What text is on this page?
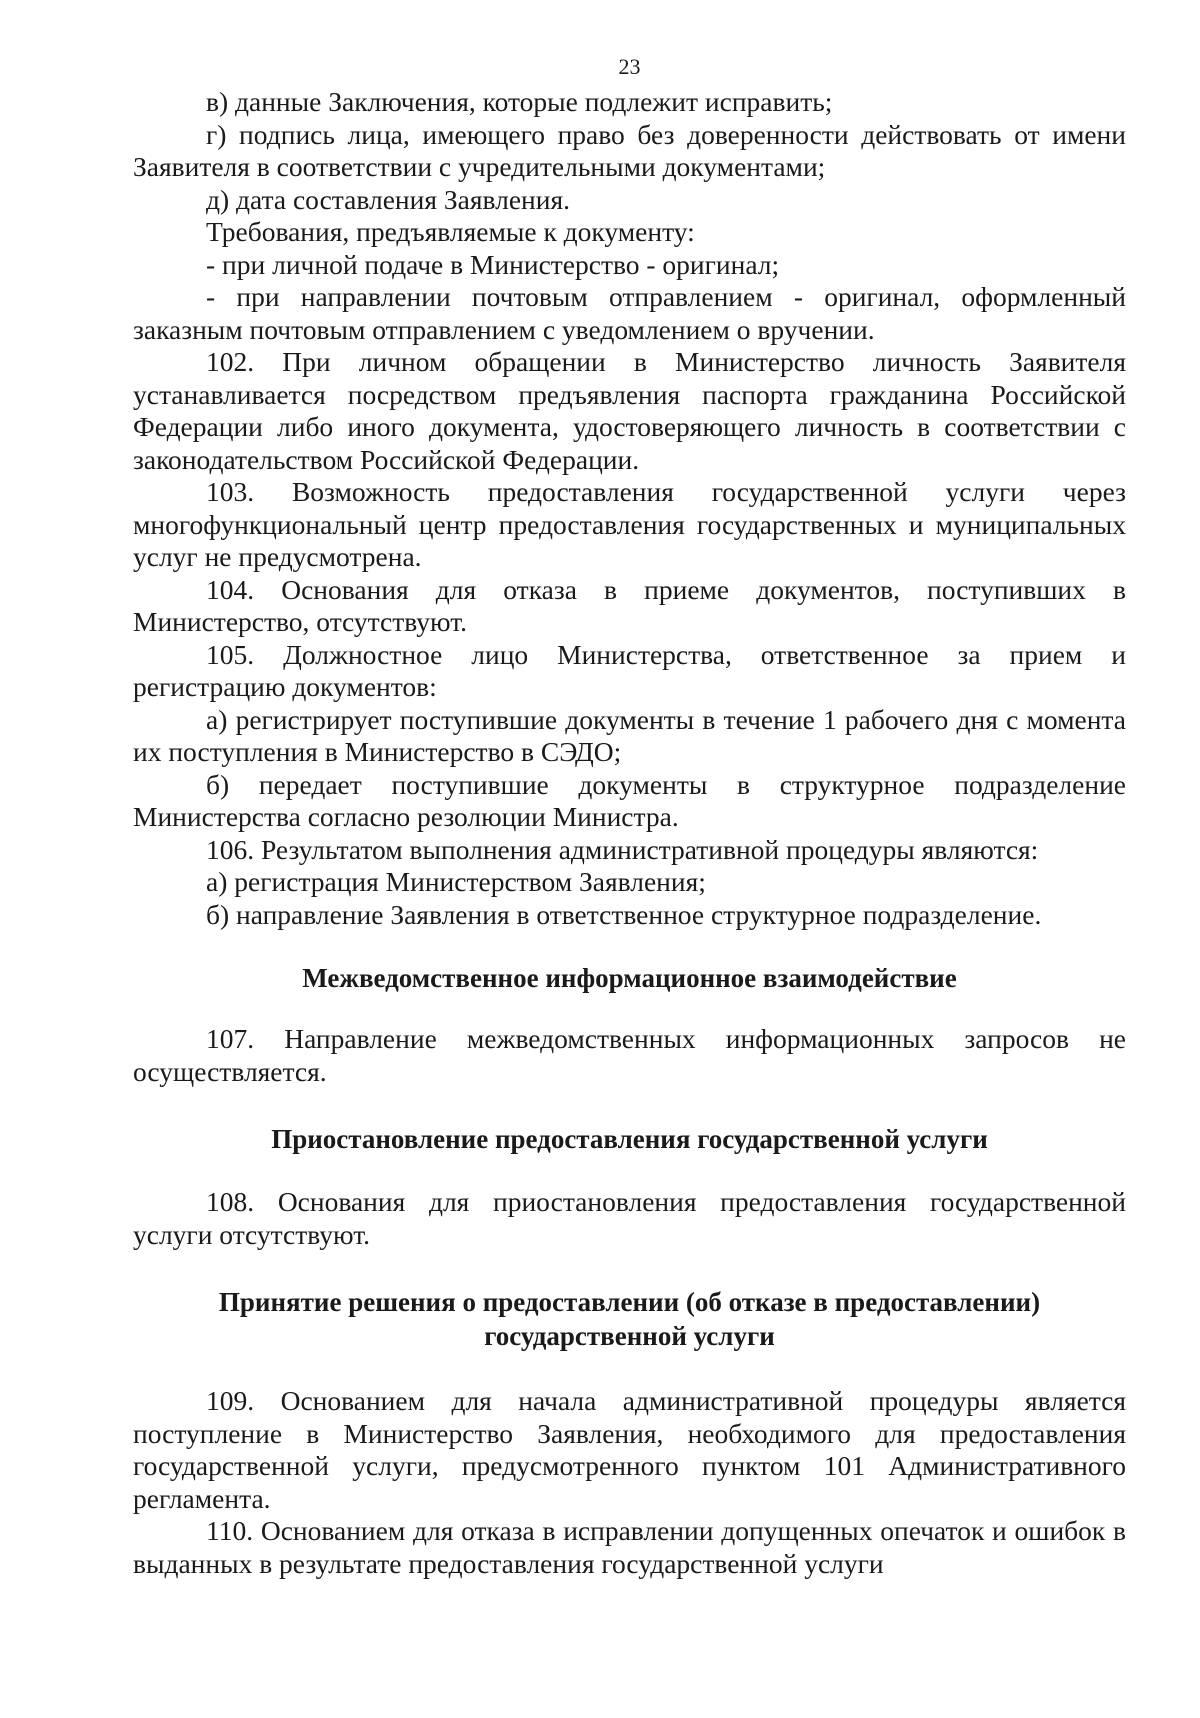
23

в) данные Заключения, которые подлежит исправить;

г) подпись лица, имеющего право без доверенности действовать от имени Заявителя в соответствии с учредительными документами;

д) дата составления Заявления.

Требования, предъявляемые к документу:

- при личной подаче в Министерство - оригинал;

- при направлении почтовым отправлением - оригинал, оформленный заказным почтовым отправлением с уведомлением о вручении.

102. При личном обращении в Министерство личность Заявителя устанавливается посредством предъявления паспорта гражданина Российской Федерации либо иного документа, удостоверяющего личность в соответствии с законодательством Российской Федерации.

103. Возможность предоставления государственной услуги через многофункциональный центр предоставления государственных и муниципальных услуг не предусмотрена.

104. Основания для отказа в приеме документов, поступивших в Министерство, отсутствуют.

105. Должностное лицо Министерства, ответственное за прием и регистрацию документов:

а) регистрирует поступившие документы в течение 1 рабочего дня с момента их поступления в Министерство в СЭДО;

б) передает поступившие документы в структурное подразделение Министерства согласно резолюции Министра.

106. Результатом выполнения административной процедуры являются:

а) регистрация Министерством Заявления;

б) направление Заявления в ответственное структурное подразделение.

Межведомственное информационное взаимодействие

107. Направление межведомственных информационных запросов не осуществляется.

Приостановление предоставления государственной услуги

108. Основания для приостановления предоставления государственной услуги отсутствуют.

Принятие решения о предоставлении (об отказе в предоставлении)
государственной услуги

109. Основанием для начала административной процедуры является поступление в Министерство Заявления, необходимого для предоставления государственной услуги, предусмотренного пунктом 101 Административного регламента.

110. Основанием для отказа в исправлении допущенных опечаток и ошибок в выданных в результате предоставления государственной услуги
